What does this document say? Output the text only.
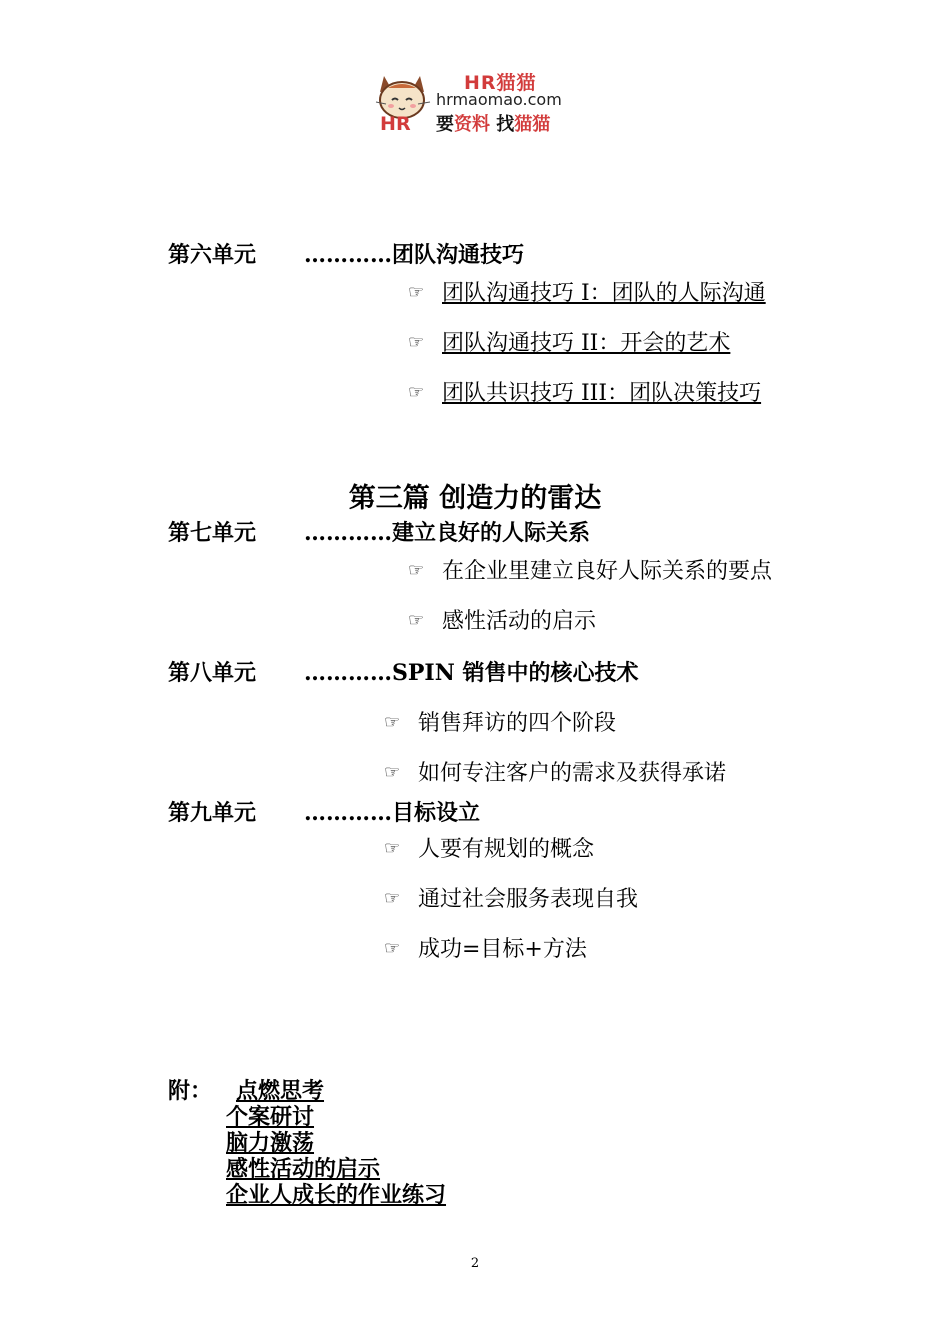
HR
HR猫猫
hrmaomao.com
要资料 找猫猫
第六单元 …………团队沟通技巧
☞ 团队沟通技巧 I：团队的人际沟通
☞ 团队沟通技巧 II：开会的艺术
☞ 团队共识技巧 III：团队决策技巧
第三篇 创造力的雷达
第七单元 …………建立良好的人际关系
☞ 在企业里建立良好人际关系的要点
☞ 感性活动的启示
第八单元 …………SPIN 销售中的核心技术
☞ 销售拜访的四个阶段
☞ 如何专注客户的需求及获得承诺
第九单元 …………目标设立
☞ 人要有规划的概念
☞ 通过社会服务表现自我
☞ 成功=目标+方法
附： 点燃思考
个案研讨
脑力激荡
感性活动的启示
企业人成长的作业练习
2
